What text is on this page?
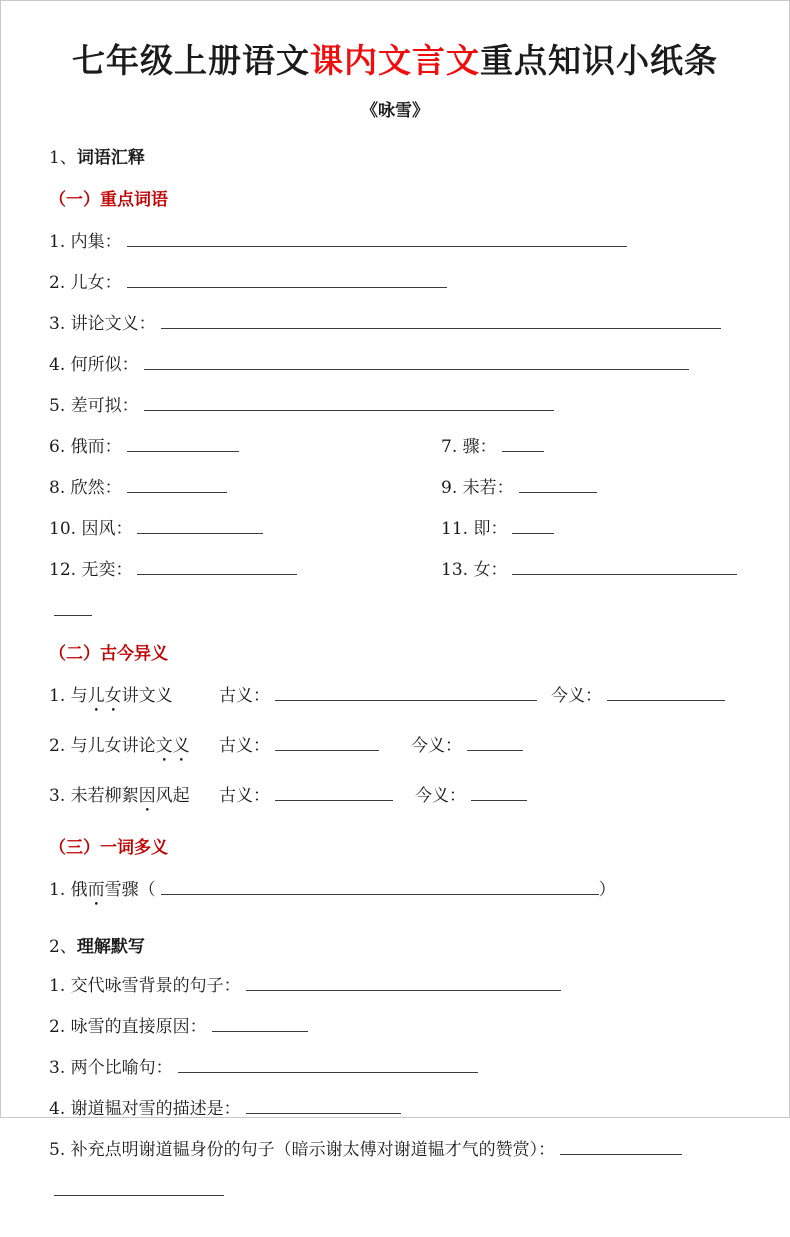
七年级上册语文课内文言文重点知识小纸条
《咏雪》
1、词语汇释
（一）重点词语
1. 内集：
2. 儿女：
3. 讲论文义：
4. 何所似：
5. 差可拟：
6. 俄而：	7. 骤：
8. 欣然：	9. 未若：
10. 因风：	11. 即：
12. 无奕：	13. 女：
（二）古今异义
1. 与儿女讲文义	古义：	今义：
2. 与儿女讲论文义 古义：	今义：
3. 未若柳絮因风起 古义：	今义：
（三）一词多义
1. 俄而雪骤（	）
2、理解默写
1. 交代咏雪背景的句子：
2. 咏雪的直接原因：
3. 两个比喻句：
4. 谢道韫对雪的描述是：
5. 补充点明谢道韫身份的句子（暗示谢太傅对谢道韫才气的赞赏）：
